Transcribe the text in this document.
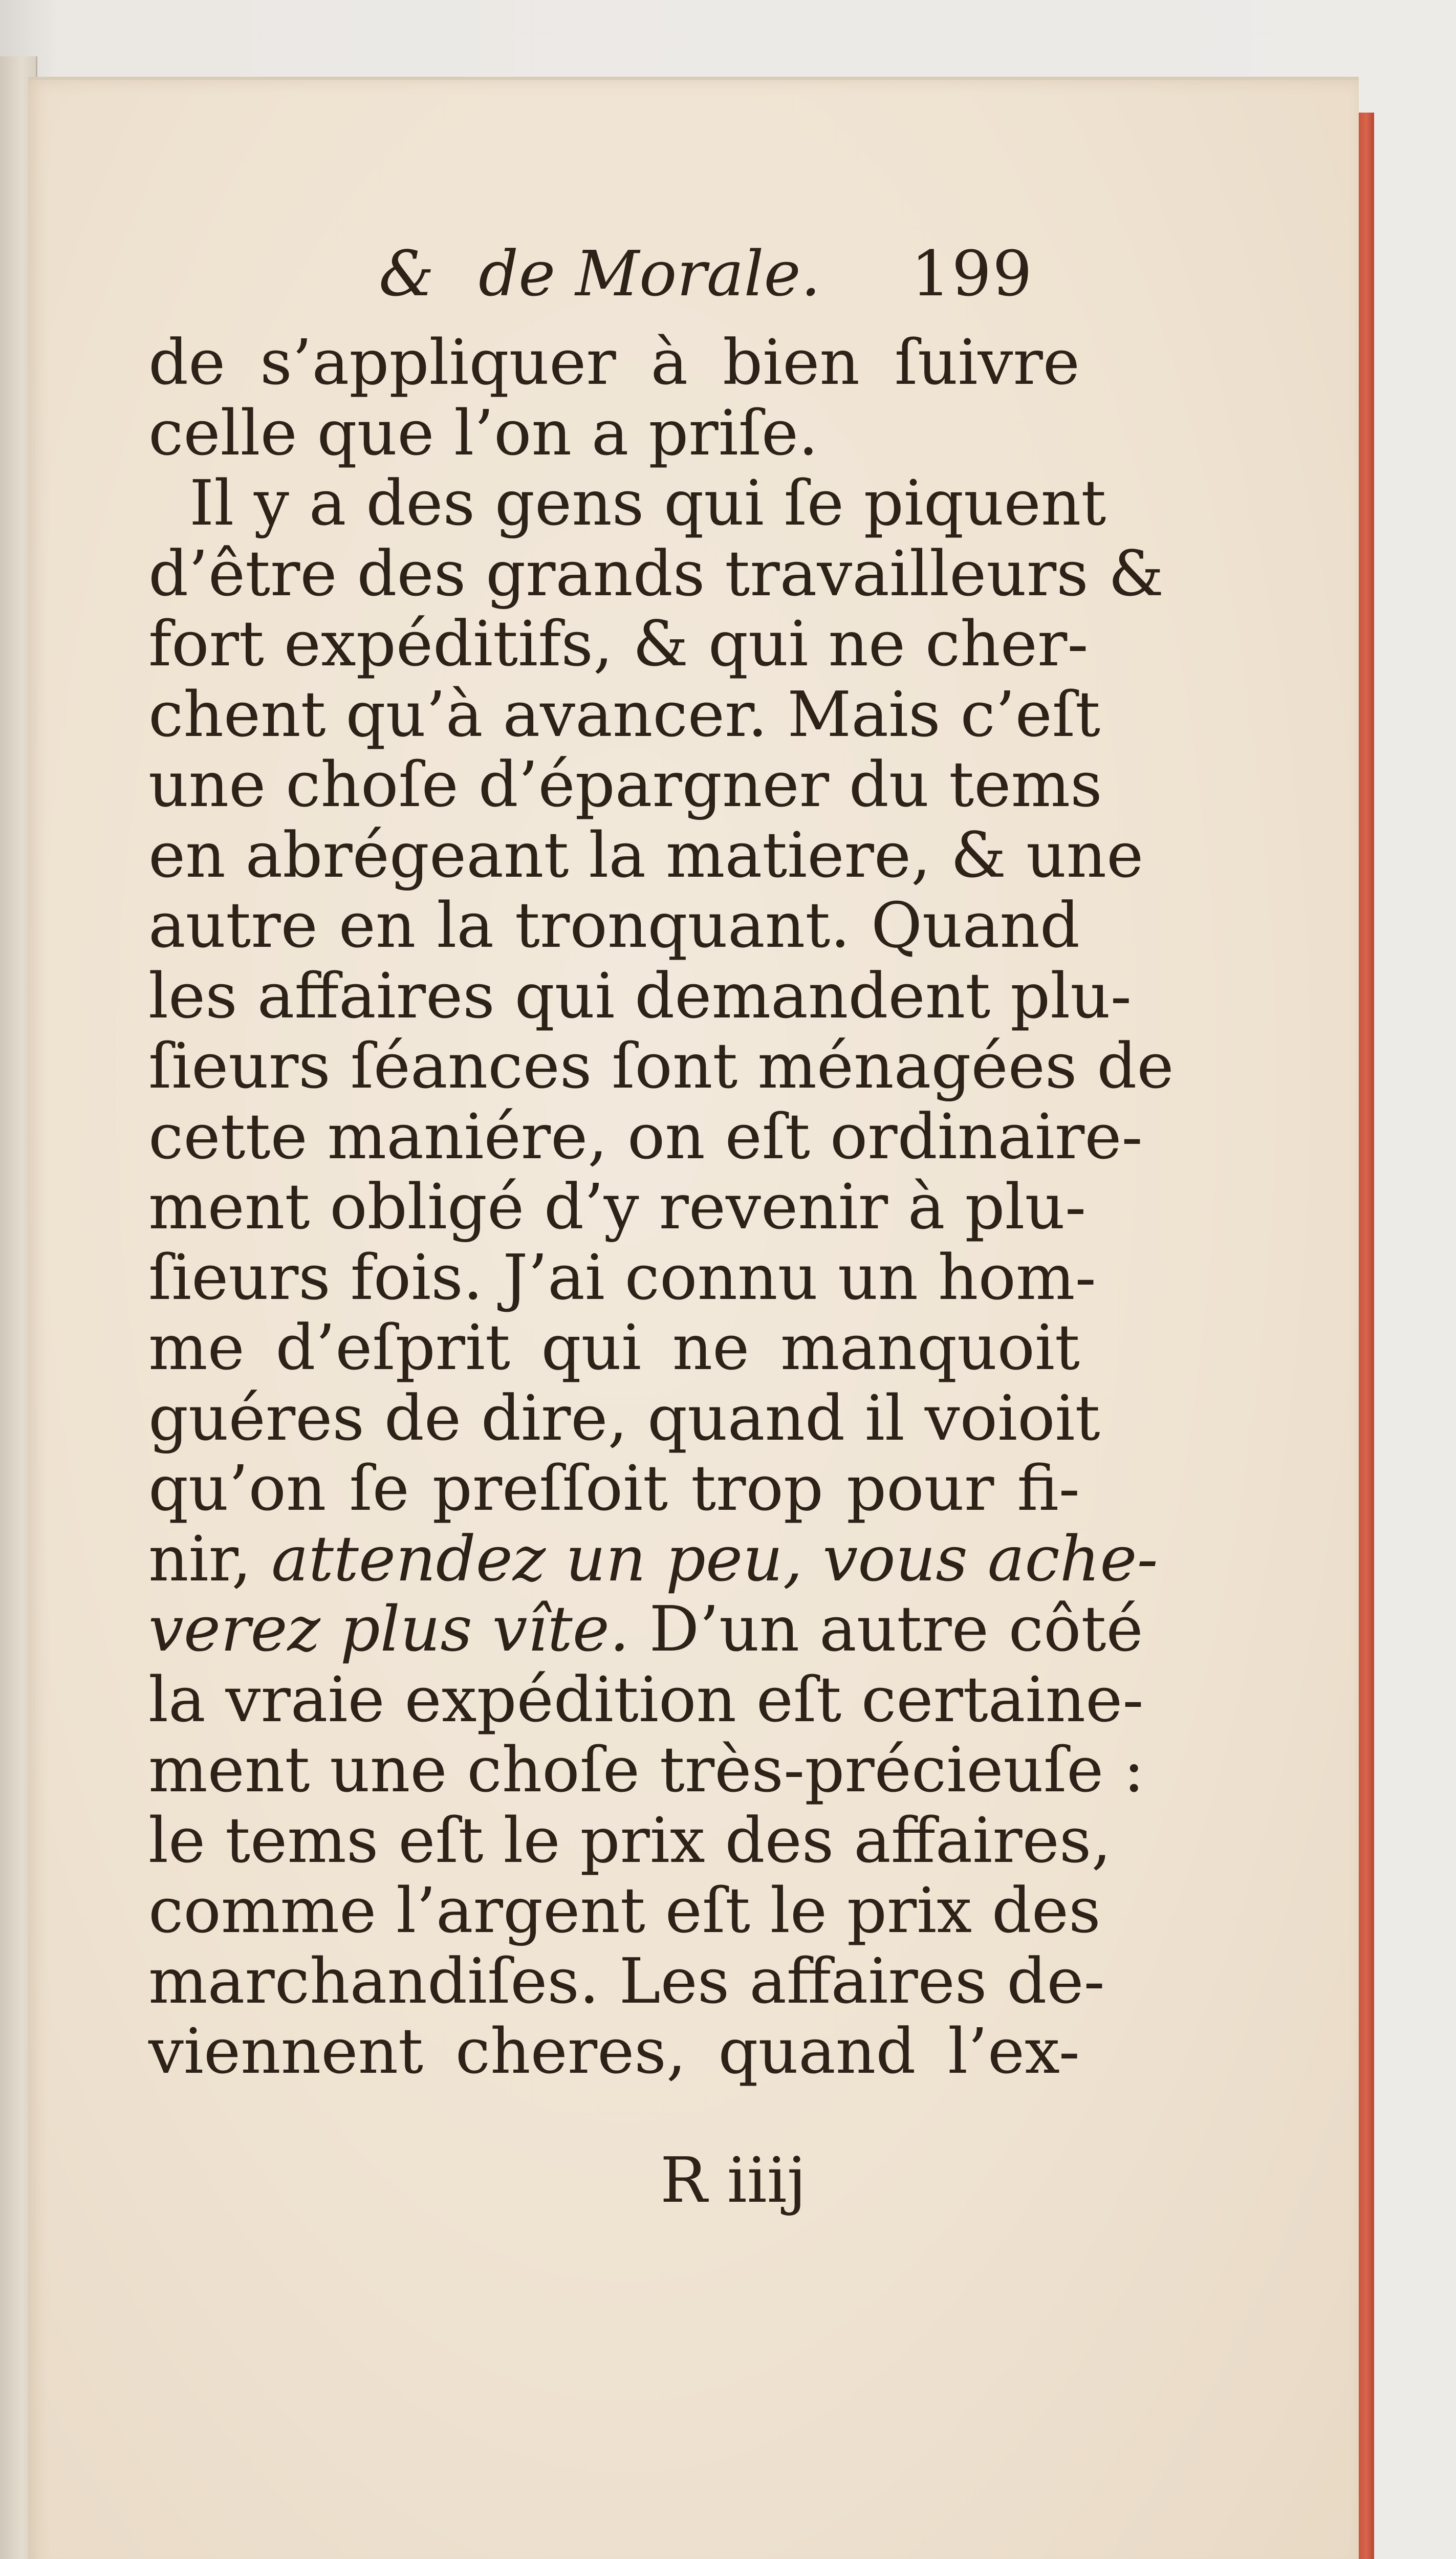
& de Morale. 199
de s’appliquer à bien ſuivre
celle que l’on a priſe.
Il y a des gens qui ſe piquent
d’être des grands travailleurs &
fort expéditifs, & qui ne cher-
chent qu’à avancer. Mais c’eſt
une choſe d’épargner du tems
en abrégeant la matiere, & une
autre en la tronquant. Quand
les affaires qui demandent plu-
ſieurs ſéances ſont ménagées de
cette maniére, on eſt ordinaire-
ment obligé d’y revenir à plu-
ſieurs fois. J’ai connu un hom-
me d’eſprit qui ne manquoit
guéres de dire, quand il voioit
qu’on ſe preſſoit trop pour fi-
nir, attendez un peu, vous ache-
verez plus vîte. D’un autre côté
la vraie expédition eſt certaine-
ment une choſe très-précieuſe :
le tems eſt le prix des affaires,
comme l’argent eſt le prix des
marchandiſes. Les affaires de-
viennent cheres, quand l’ex-
R iiij
